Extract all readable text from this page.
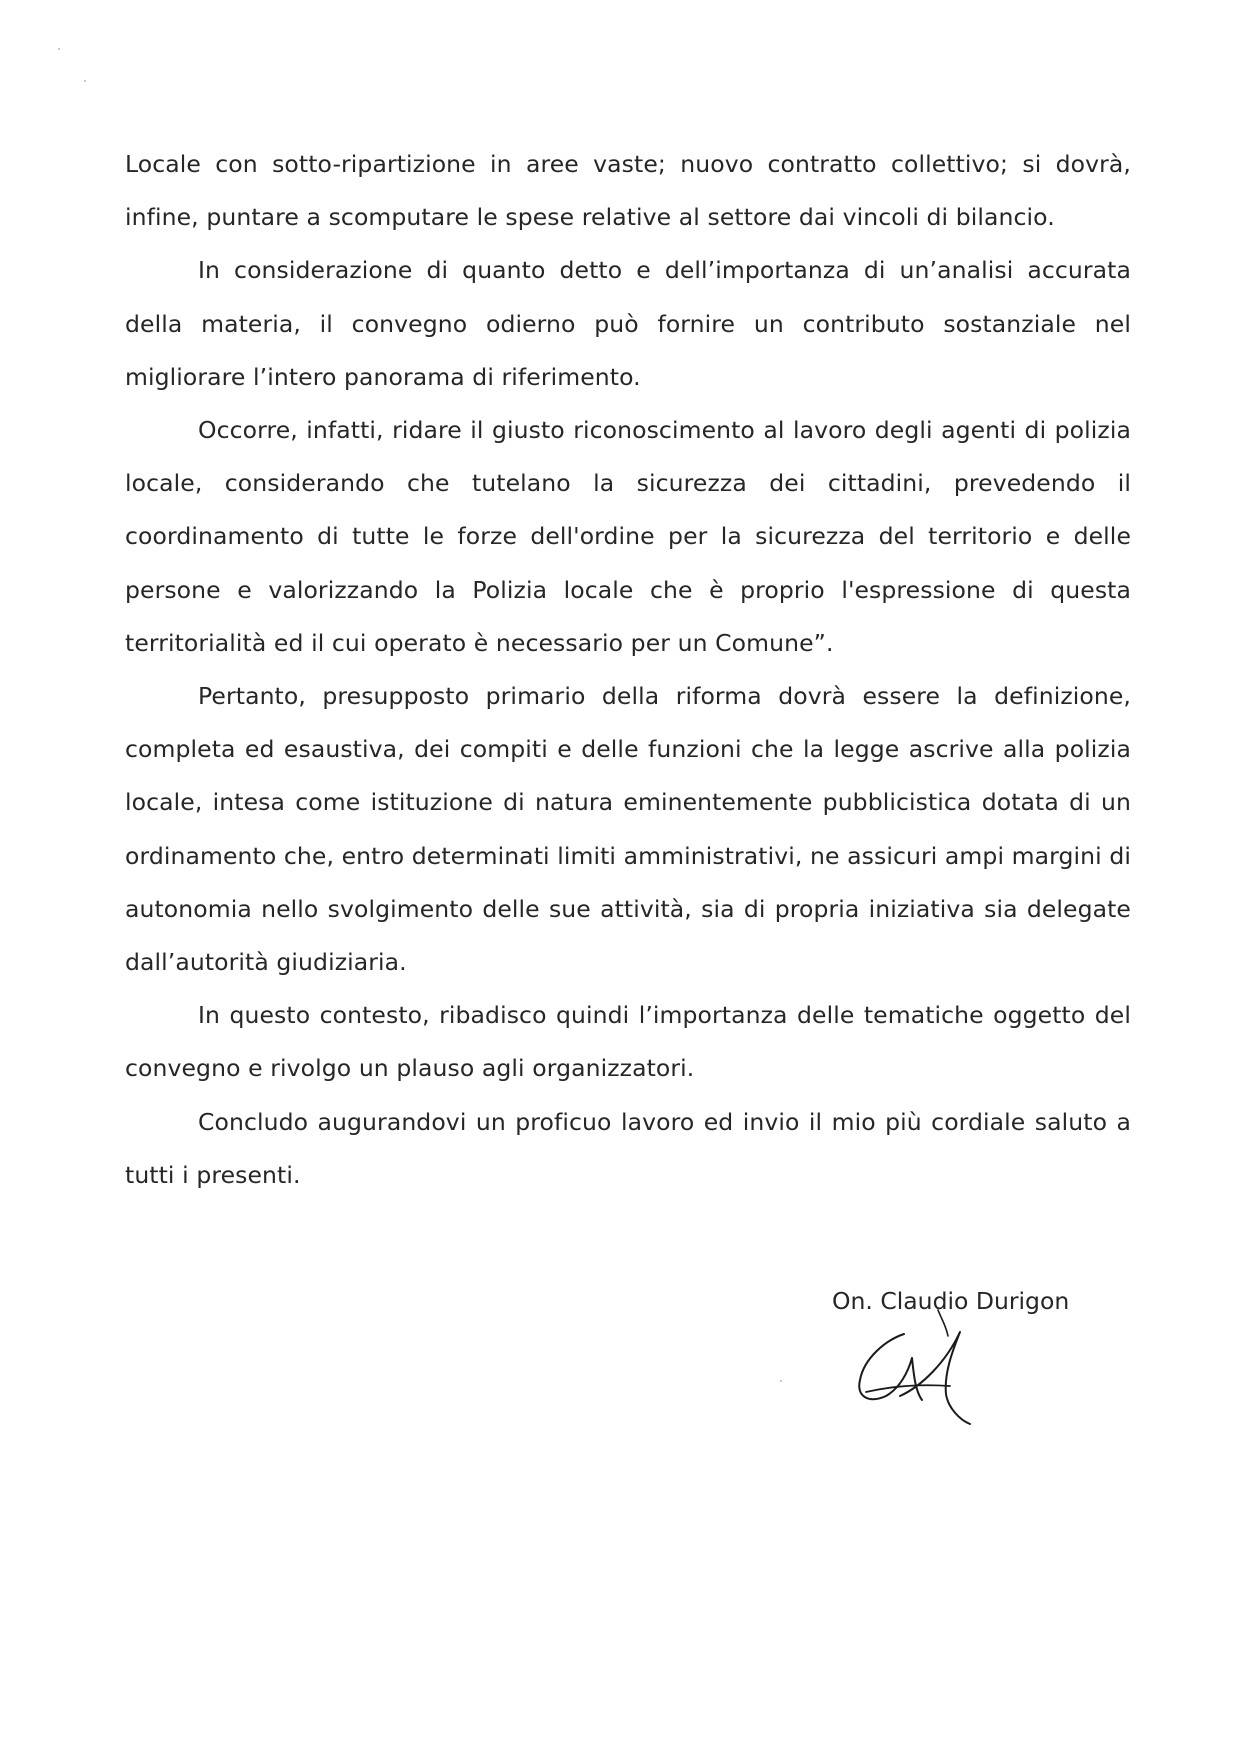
Locale con sotto-ripartizione in aree vaste; nuovo contratto collettivo; si dovrà, infine, puntare a scomputare le spese relative al settore dai vincoli di bilancio.

In considerazione di quanto detto e dell’importanza di un’analisi accurata della materia, il convegno odierno può fornire un contributo sostanziale nel migliorare l’intero panorama di riferimento.

Occorre, infatti, ridare il giusto riconoscimento al lavoro degli agenti di polizia locale, considerando che tutelano la sicurezza dei cittadini, prevedendo il coordinamento di tutte le forze dell'ordine per la sicurezza del territorio e delle persone e valorizzando la Polizia locale che è proprio l'espressione di questa territorialità ed il cui operato è necessario per un Comune”.

Pertanto, presupposto primario della riforma dovrà essere la definizione, completa ed esaustiva, dei compiti e delle funzioni che la legge ascrive alla polizia locale, intesa come istituzione di natura eminentemente pubblicistica dotata di un ordinamento che, entro determinati limiti amministrativi, ne assicuri ampi margini di autonomia nello svolgimento delle sue attività, sia di propria iniziativa sia delegate dall’autorità giudiziaria.

In questo contesto, ribadisco quindi l’importanza delle tematiche oggetto del convegno e rivolgo un plauso agli organizzatori.

Concludo augurandovi un proficuo lavoro ed invio il mio più cordiale saluto a tutti i presenti.

On. Claudio Durigon
